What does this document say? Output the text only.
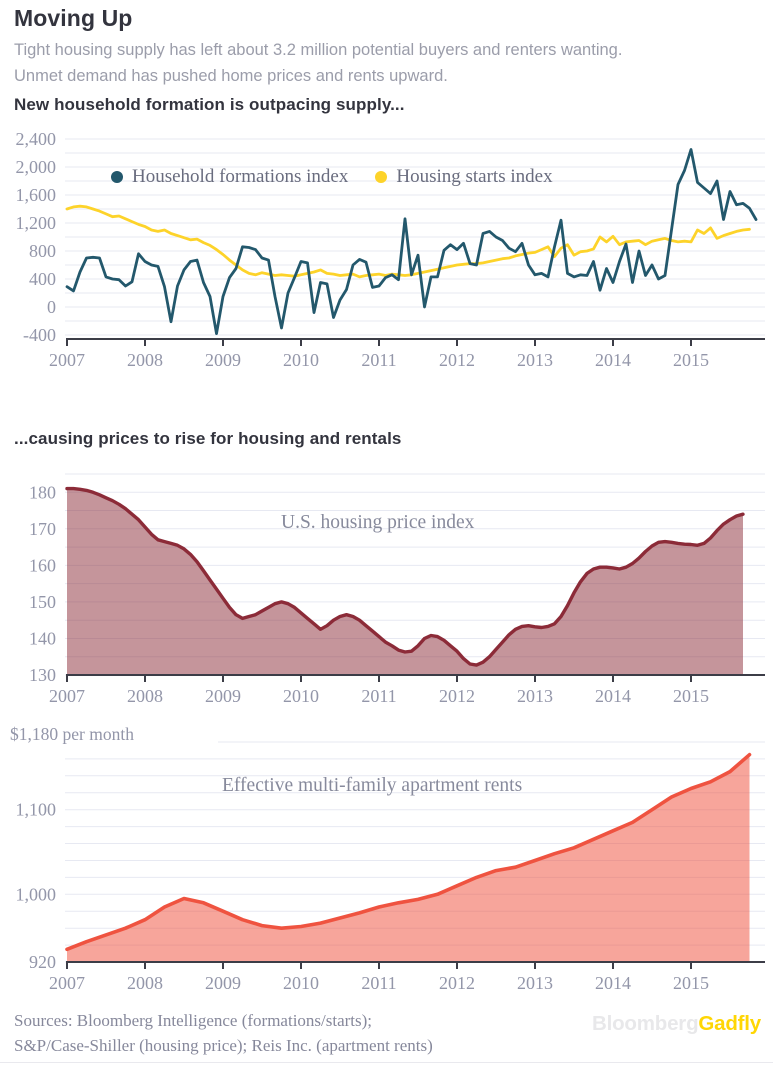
Moving Up

Tight housing supply has left about 3.2 million potential buyers and renters wanting. Unmet demand has pushed home prices and rents upward.

New household formation is outpacing supply...
2007 2008 2009 2010 2011 2012 2013 2014 2015
-400
0
400
800
1,200
1,600
2,000
2,400
Household formations index	Housing starts index
...causing prices to rise for housing and rentals
2007 2008 2009 2010 2011 2012 2013 2014 2015
130
140
150
160
170
180
U.S. housing price index
2007 2008 2009 2010 2011 2012 2013 2014 2015
920
1,000
1,100
$1,180 per month
Effective multi-family apartment rents
Sources: Bloomberg Intelligence (formations/starts);
S&P/Case-Shiller (housing price); Reis Inc. (apartment rents)
BloombergGadfly
